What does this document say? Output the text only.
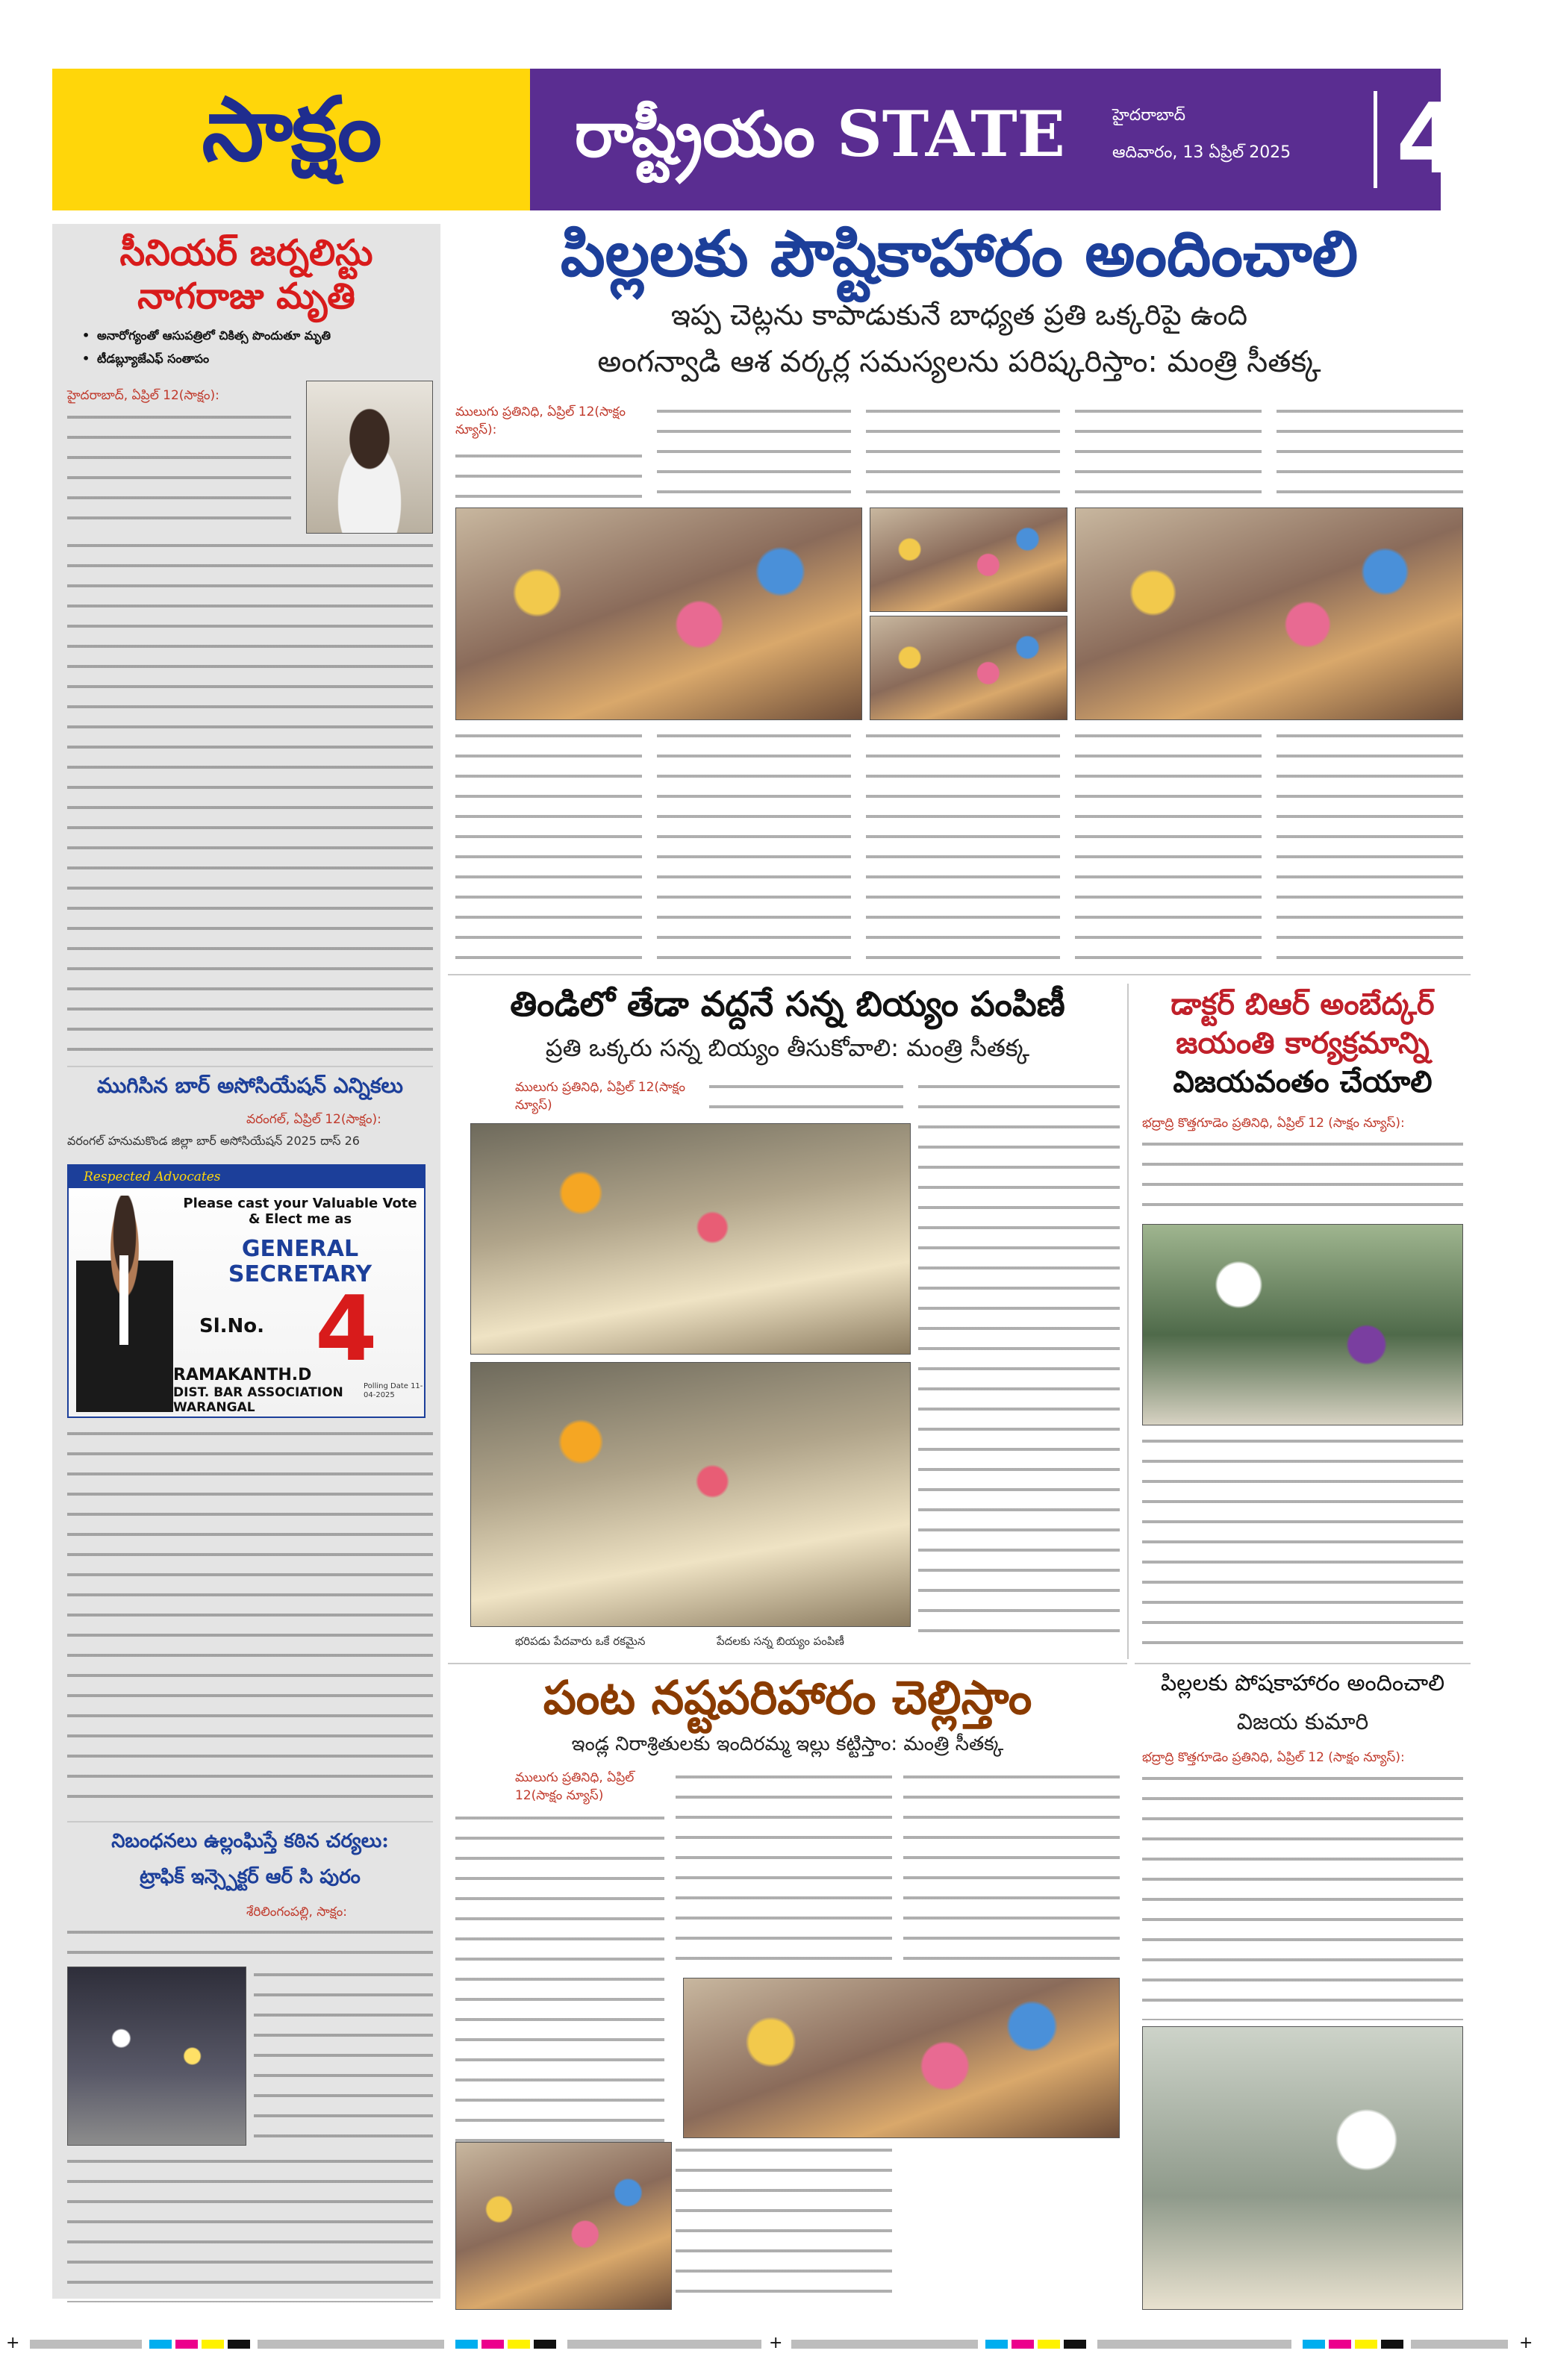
సాక్షం	రాష్ట్రీయం STATE	హైదరాబాద్
ఆదివారం, 13 ఏప్రిల్ 2025 4
సీనియర్ జర్నలిస్టు
నాగరాజు మృతి
• అనారోగ్యంతో ఆసుపత్రిలో చికిత్స పొందుతూ మృతి
• టీడబ్ల్యూజేఎఫ్ సంతాపం
హైదరాబాద్, ఏప్రిల్ 12(సాక్షం):
ముగిసిన బార్ అసోసియేషన్ ఎన్నికలు
వరంగల్, ఏప్రిల్ 12(సాక్షం):
వరంగల్ హనుమకొండ జిల్లా బార్ అసోసియేషన్ 2025 దాస్ 26
Respected Advocates
Please cast your Valuable Vote & Elect me as
GENERAL SECRETARY
Sl.No. 4
RAMAKANTH.D
DIST. BAR ASSOCIATION
WARANGAL
Polling Date 11-04-2025
నిబంధనలు ఉల్లంఘిస్తే కఠిన చర్యలు:
ట్రాఫిక్ ఇన్స్పెక్టర్ ఆర్ సి పురం
శేరిలింగంపల్లి, సాక్షం:
పిల్లలకు పౌష్టికాహారం అందించాలి
ఇప్ప చెట్లను కాపాడుకునే బాధ్యత ప్రతి ఒక్కరిపై ఉంది
అంగన్వాడి ఆశ వర్కర్ల సమస్యలను పరిష్కరిస్తాం: మంత్రి సీతక్క
ములుగు ప్రతినిధి, ఏప్రిల్ 12(సాక్షం న్యూస్):
తిండిలో తేడా వద్దనే సన్న బియ్యం పంపిణీ
ప్రతి ఒక్కరు సన్న బియ్యం తీసుకోవాలి: మంత్రి సీతక్క
ములుగు ప్రతినిధి, ఏప్రిల్ 12(సాక్షం న్యూస్)
భరిపడు పేదవారు ఒకే రకమైన	పేదలకు సన్న బియ్యం పంపిణీ
డాక్టర్ బిఆర్ అంబేద్కర్
జయంతి కార్యక్రమాన్ని
విజయవంతం చేయాలి
భద్రాద్రి కొత్తగూడెం ప్రతినిధి, ఏప్రిల్ 12 (సాక్షం న్యూస్):
పిల్లలకు పోషకాహారం అందించాలి
విజయ కుమారి
భద్రాద్రి కొత్తగూడెం ప్రతినిధి, ఏప్రిల్ 12 (సాక్షం న్యూస్):
పంట నష్టపరిహారం చెల్లిస్తాం
ఇండ్ల నిరాశ్రితులకు ఇందిరమ్మ ఇల్లు కట్టిస్తాం: మంత్రి సీతక్క
ములుగు ప్రతినిధి, ఏప్రిల్ 12(సాక్షం న్యూస్)
+	+	+
